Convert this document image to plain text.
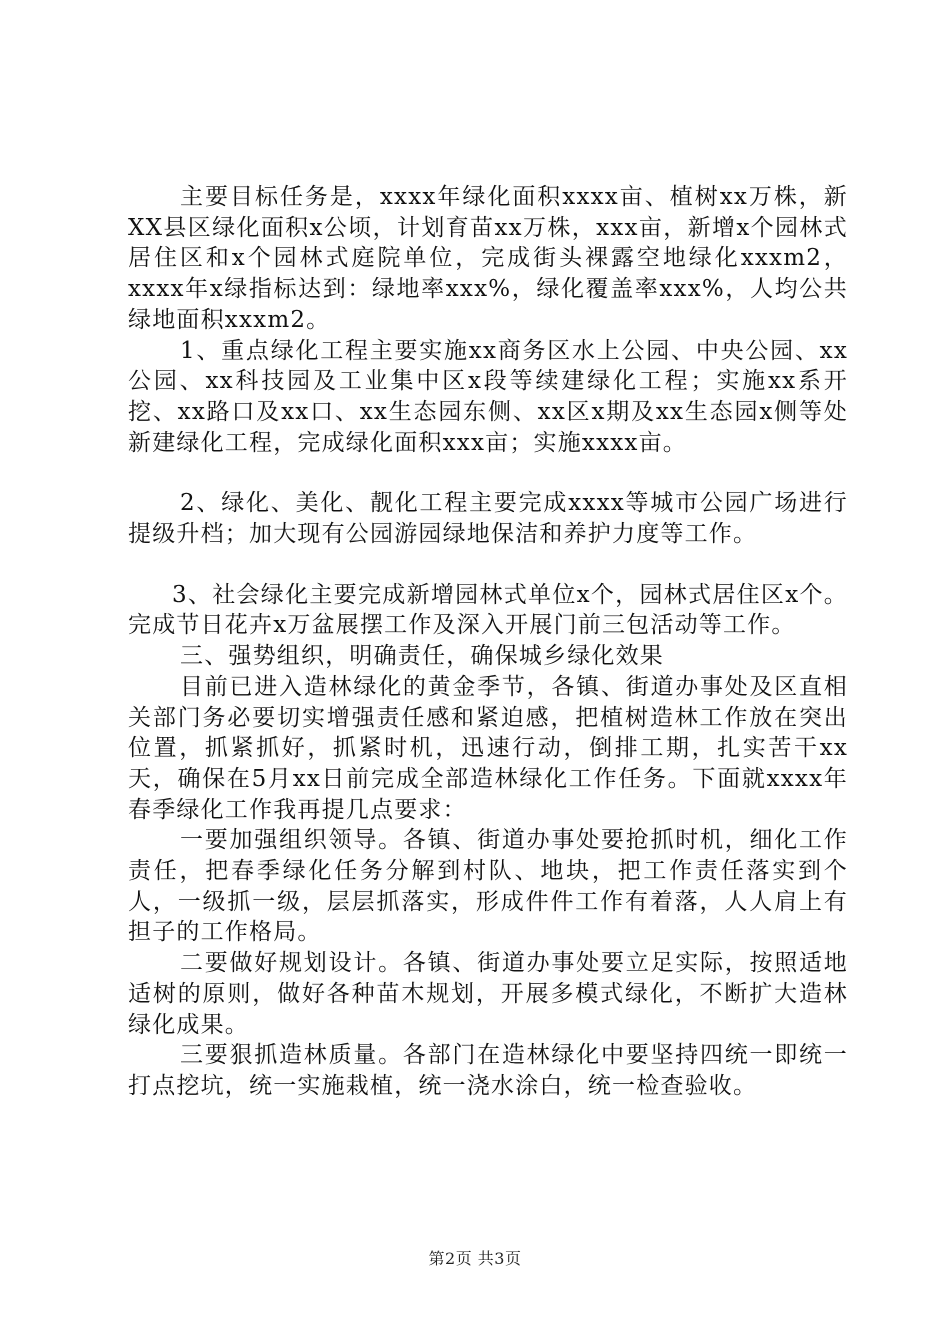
主要目标任务是，xxxx年绿化面积xxxx亩、植树xx万株，新XX县区绿化面积x公顷，计划育苗xx万株，xxx亩，新增x个园林式居住区和x个园林式庭院单位，完成街头裸露空地绿化xxxm2，xxxx年x绿指标达到：绿地率xxx%，绿化覆盖率xxx%，人均公共绿地面积xxxm2。

1、重点绿化工程主要实施xx商务区水上公园、中央公园、xx公园、xx科技园及工业集中区x段等续建绿化工程；实施xx系开挖、xx路口及xx口、xx生态园东侧、xx区x期及xx生态园x侧等处新建绿化工程，完成绿化面积xxx亩；实施xxxx亩。

2、绿化、美化、靓化工程主要完成xxxx等城市公园广场进行提级升档；加大现有公园游园绿地保洁和养护力度等工作。

3、社会绿化主要完成新增园林式单位x个，园林式居住区x个。完成节日花卉x万盆展摆工作及深入开展门前三包活动等工作。

三、强势组织，明确责任，确保城乡绿化效果

目前已进入造林绿化的黄金季节，各镇、街道办事处及区直相关部门务必要切实增强责任感和紧迫感，把植树造林工作放在突出位置，抓紧抓好，抓紧时机，迅速行动，倒排工期，扎实苦干xx天，确保在5月xx日前完成全部造林绿化工作任务。下面就xxxx年春季绿化工作我再提几点要求：

一要加强组织领导。各镇、街道办事处要抢抓时机，细化工作责任，把春季绿化任务分解到村队、地块，把工作责任落实到个人，一级抓一级，层层抓落实，形成件件工作有着落，人人肩上有担子的工作格局。

二要做好规划设计。各镇、街道办事处要立足实际，按照适地适树的原则，做好各种苗木规划，开展多模式绿化，不断扩大造林绿化成果。

三要狠抓造林质量。各部门在造林绿化中要坚持四统一即统一打点挖坑，统一实施栽植，统一浇水涂白，统一检查验收。

第2页 共3页
